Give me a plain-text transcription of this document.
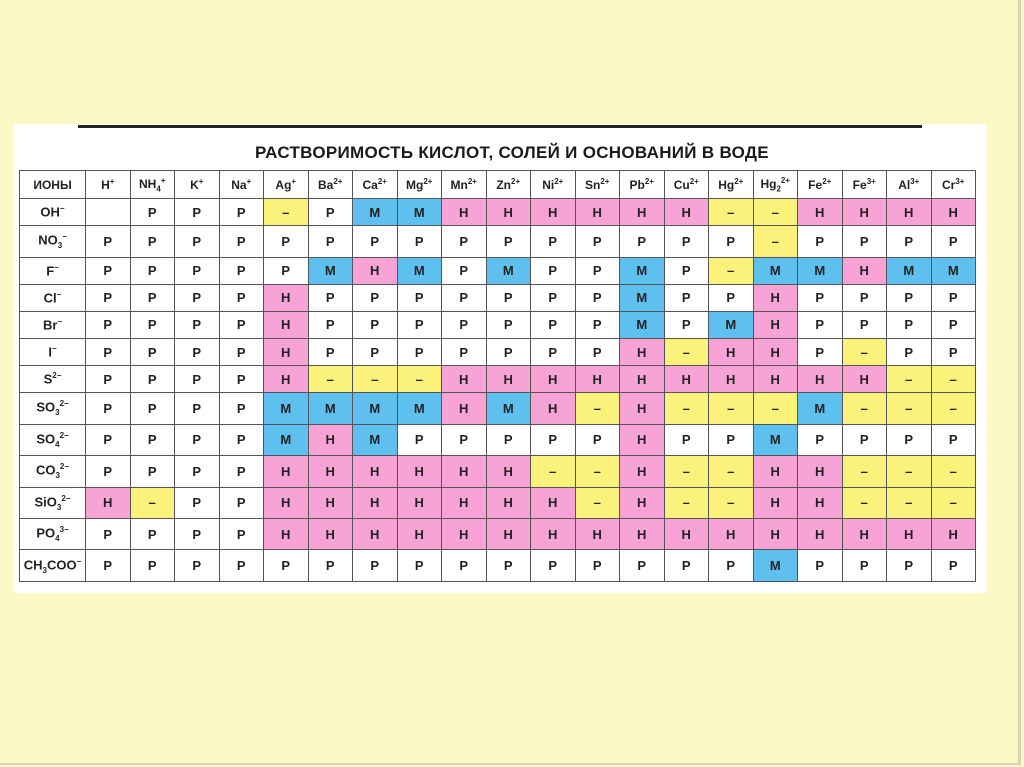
РАСТВОРИМОСТЬ КИСЛОТ, СОЛЕЙ И ОСНОВАНИЙ В ВОДЕ
ИОНЫ	H+	$NH_4^+$	K+	Na+	Ag+	$Ba^{2+}$	$Ca^{2+}$	$Mg^{2+}$	$Mn^{2+}$	$Zn^{2+}$	$Ni^{2+}$	$Sn^{2+}$	$Pb^{2+}$	$Cu^{2+}$	$Hg^{2+}$	$Hg_2^{2+}$	$Fe^{2+}$	$Fe^{3+}$	$Al^{3+}$	$Cr^{3+}$
OH−		Р	Р	Р	–	Р	М	М	Н	Н	Н	Н	Н	Н	–	–	Н	Н	Н	Н
$NO_3^-$	Р	Р	Р	Р	Р	Р	Р	Р	Р	Р	Р	Р	Р	Р	Р	–	Р	Р	Р	Р
F−	Р	Р	Р	Р	Р	М	Н	М	Р	М	Р	Р	М	Р	–	М	М	Н	М	М
Cl−	Р	Р	Р	Р	Н	Р	Р	Р	Р	Р	Р	Р	М	Р	Р	Н	Р	Р	Р	Р
Br−	Р	Р	Р	Р	Н	Р	Р	Р	Р	Р	Р	Р	М	Р	М	Н	Р	Р	Р	Р
I−	Р	Р	Р	Р	Н	Р	Р	Р	Р	Р	Р	Р	Н	–	Н	Н	Р	–	Р	Р
$S^{2-}$	Р	Р	Р	Р	Н	–	–	–	Н	Н	Н	Н	Н	Н	Н	Н	Н	Н	–	–
$SO_3^{2-}$	Р	Р	Р	Р	М	М	М	М	Н	М	Н	–	Н	–	–	–	М	–	–	–
$SO_4^{2-}$	Р	Р	Р	Р	М	Н	М	Р	Р	Р	Р	Р	Н	Р	Р	М	Р	Р	Р	Р
$CO_3^{2-}$	Р	Р	Р	Р	Н	Н	Н	Н	Н	Н	–	–	Н	–	–	Н	Н	–	–	–
SiO$_3^{2-}$	Н	–	Р	Р	Н	Н	Н	Н	Н	Н	Н	–	Н	–	–	Н	Н	–	–	–
$PO_4^{3-}$	Р	Р	Р	Р	Н	Н	Н	Н	Н	Н	Н	Н	Н	Н	Н	Н	Н	Н	Н	Н
$CH_3COO^-$	Р	Р	Р	Р	Р	Р	Р	Р	Р	Р	Р	Р	Р	Р	Р	М	Р	Р	Р	Р
